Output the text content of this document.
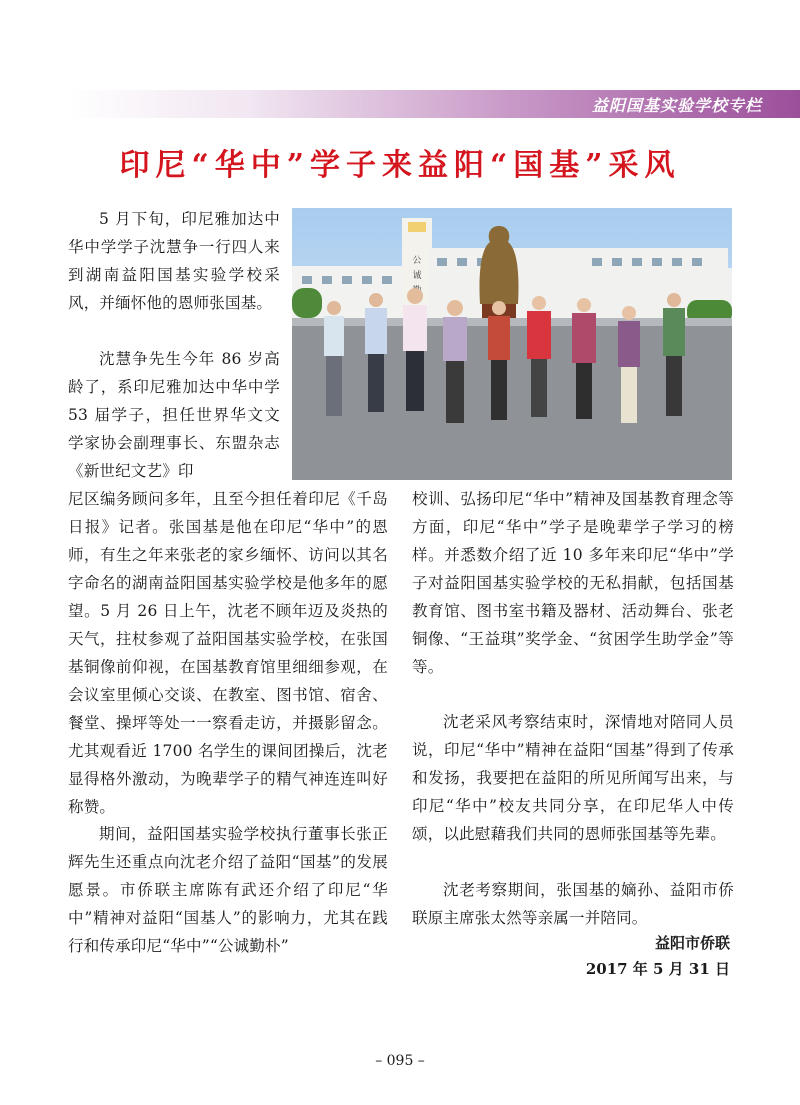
益阳国基实验学校专栏
印尼“华中”学子来益阳“国基”采风

5 月下旬，印尼雅加达中华中学学子沈慧争一行四人来到湖南益阳国基实验学校采风，并缅怀他的恩师张国基。

沈慧争先生今年 86 岁高龄了，系印尼雅加达中华中学 53 届学子，担任世界华文文学家协会副理事长、东盟杂志《新世纪文艺》印

尼区编务顾问多年，且至今担任着印尼《千岛日报》记者。张国基是他在印尼“华中”的恩师，有生之年来张老的家乡缅怀、访问以其名字命名的湖南益阳国基实验学校是他多年的愿望。5 月 26 日上午，沈老不顾年迈及炎热的天气，拄杖参观了益阳国基实验学校，在张国基铜像前仰视，在国基教育馆里细细参观，在会议室里倾心交谈、在教室、图书馆、宿舍、餐堂、操坪等处一一察看走访，并摄影留念。尤其观看近 1700 名学生的课间团操后，沈老显得格外激动，为晚辈学子的精气神连连叫好称赞。

期间，益阳国基实验学校执行董事长张正辉先生还重点向沈老介绍了益阳“国基”的发展愿景。市侨联主席陈有武还介绍了印尼“华中”精神对益阳“国基人”的影响力，尤其在践行和传承印尼“华中”“公诚勤朴”

校训、弘扬印尼“华中”精神及国基教育理念等方面，印尼“华中”学子是晚辈学子学习的榜样。并悉数介绍了近 10 多年来印尼“华中”学子对益阳国基实验学校的无私捐献，包括国基教育馆、图书室书籍及器材、活动舞台、张老铜像、“王益琪”奖学金、“贫困学生助学金”等等。

沈老采风考察结束时，深情地对陪同人员说，印尼“华中”精神在益阳“国基”得到了传承和发扬，我要把在益阳的所见所闻写出来，与印尼“华中”校友共同分享，在印尼华人中传颂，以此慰藉我们共同的恩师张国基等先辈。

沈老考察期间，张国基的嫡孙、益阳市侨联原主席张太然等亲属一并陪同。

益阳市侨联
2017 年 5 月 31 日
公
诚
– 095 –
